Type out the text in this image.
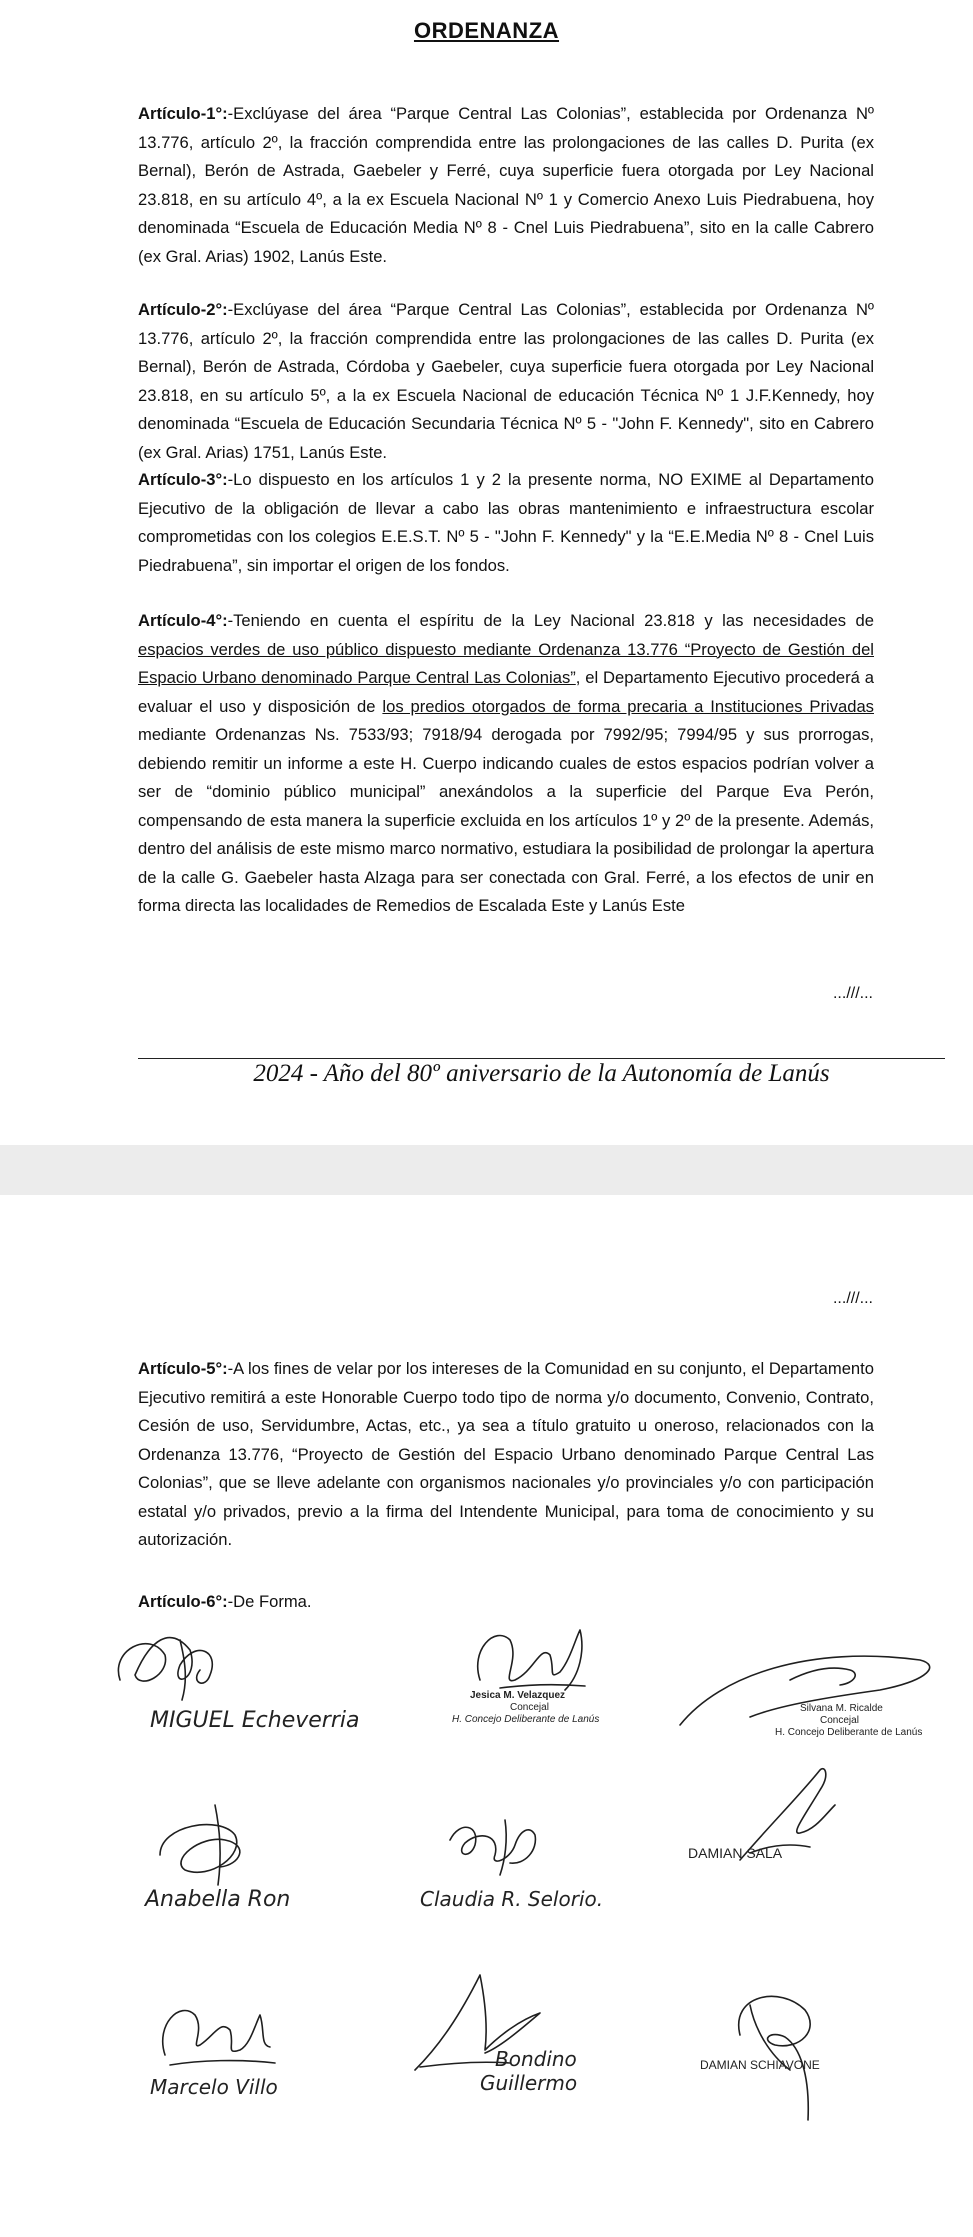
ORDENANZA
Artículo-1°:-Exclúyase del área “Parque Central Las Colonias”, establecida por Ordenanza Nº 13.776, artículo 2º, la fracción comprendida entre las prolongaciones de las calles D. Purita (ex Bernal), Berón de Astrada, Gaebeler y Ferré, cuya superficie fuera otorgada por Ley Nacional 23.818, en su artículo 4º, a la ex Escuela Nacional Nº 1 y Comercio Anexo Luis Piedrabuena, hoy denominada “Escuela de Educación Media Nº 8 - Cnel Luis Piedrabuena”, sito en la calle Cabrero (ex Gral. Arias) 1902, Lanús Este.
Artículo-2°:-Exclúyase del área “Parque Central Las Colonias”, establecida por Ordenanza Nº 13.776, artículo 2º, la fracción comprendida entre las prolongaciones de las calles D. Purita (ex Bernal), Berón de Astrada, Córdoba y Gaebeler, cuya superficie fuera otorgada por Ley Nacional 23.818, en su artículo 5º, a la ex Escuela Nacional de educación Técnica Nº 1 J.F.Kennedy, hoy denominada “Escuela de Educación Secundaria Técnica Nº 5 - "John F. Kennedy", sito en Cabrero (ex Gral. Arias) 1751, Lanús Este.
Artículo-3°:-Lo dispuesto en los artículos 1 y 2 la presente norma, NO EXIME al Departamento Ejecutivo de la obligación de llevar a cabo las obras mantenimiento e infraestructura escolar comprometidas con los colegios E.E.S.T. Nº 5 - "John F. Kennedy" y la “E.E.Media Nº 8 - Cnel Luis Piedrabuena”, sin importar el origen de los fondos.
Artículo-4°:-Teniendo en cuenta el espíritu de la Ley Nacional 23.818 y las necesidades de espacios verdes de uso público dispuesto mediante Ordenanza 13.776 “Proyecto de Gestión del Espacio Urbano denominado Parque Central Las Colonias”, el Departamento Ejecutivo procederá a evaluar el uso y disposición de los predios otorgados de forma precaria a Instituciones Privadas mediante Ordenanzas Ns. 7533/93; 7918/94 derogada por 7992/95; 7994/95 y sus prorrogas, debiendo remitir un informe a este H. Cuerpo indicando cuales de estos espacios podrían volver a ser de “dominio público municipal” anexándolos a la superficie del Parque Eva Perón, compensando de esta manera la superficie excluida en los artículos 1º y 2º de la presente. Además, dentro del análisis de este mismo marco normativo, estudiara la posibilidad de prolongar la apertura de la calle G. Gaebeler hasta Alzaga para ser conectada con Gral. Ferré, a los efectos de unir en forma directa las localidades de Remedios de Escalada Este y Lanús Este
...///...
2024 - Año del 80º aniversario de la Autonomía de Lanús
...///...
Artículo-5°:-A los fines de velar por los intereses de la Comunidad en su conjunto, el Departamento Ejecutivo remitirá a este Honorable Cuerpo todo tipo de norma y/o documento, Convenio, Contrato, Cesión de uso, Servidumbre, Actas, etc., ya sea a título gratuito u oneroso, relacionados con la Ordenanza 13.776, “Proyecto de Gestión del Espacio Urbano denominado Parque Central Las Colonias”, que se lleve adelante con organismos nacionales y/o provinciales y/o con participación estatal y/o privados, previo a la firma del Intendente Municipal, para toma de conocimiento y su autorización.
Artículo-6°:-De Forma.
MIGUEL Echeverria
Jesica M. Velazquez
Concejal
H. Concejo Deliberante de Lanús
Silvana M. Ricalde
Concejal
H. Concejo Deliberante de Lanús
Anabella Ron	Claudia R. Selorio.
DAMIAN SALA
Marcelo Villo
Bondino
Guillermo
DAMIAN SCHIAVONE
